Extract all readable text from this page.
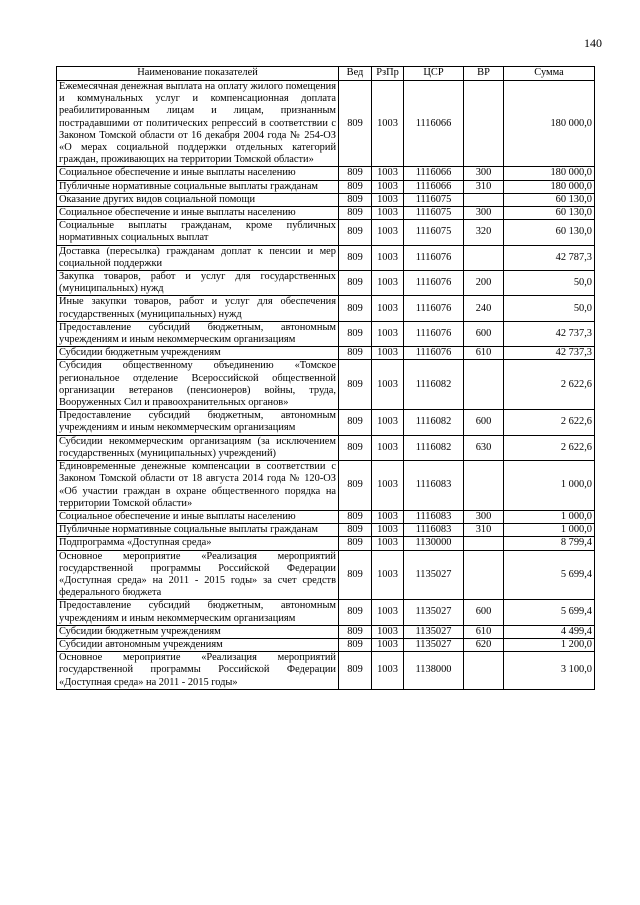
140
Наименование показателей	Вед	РзПр	ЦСР	ВР	Сумма
Ежемесячная денежная выплата на оплату жилого помещения и коммунальных услуг и компенсационная доплата реабилитированным лицам и лицам, признанным пострадавшими от политических репрессий в соответствии с Законом Томской области от 16 декабря 2004 года № 254-ОЗ «О мерах социальной поддержки отдельных категорий граждан, проживающих на территории Томской области»	809	1003	1116066		180 000,0
Социальное обеспечение и иные выплаты населению	809	1003	1116066	300	180 000,0
Публичные нормативные социальные выплаты гражданам	809	1003	1116066	310	180 000,0
Оказание других видов социальной помощи	809	1003	1116075		60 130,0
Социальное обеспечение и иные выплаты населению	809	1003	1116075	300	60 130,0
Социальные выплаты гражданам, кроме публичных нормативных социальных выплат	809	1003	1116075	320	60 130,0
Доставка (пересылка) гражданам доплат к пенсии и мер социальной поддержки	809	1003	1116076		42 787,3
Закупка товаров, работ и услуг для государственных (муниципальных) нужд	809	1003	1116076	200	50,0
Иные закупки товаров, работ и услуг для обеспечения государственных (муниципальных) нужд	809	1003	1116076	240	50,0
Предоставление субсидий бюджетным, автономным учреждениям и иным некоммерческим организациям	809	1003	1116076	600	42 737,3
Субсидии бюджетным учреждениям	809	1003	1116076	610	42 737,3
Субсидия общественному объединению «Томское региональное отделение Всероссийской общественной организации ветеранов (пенсионеров) войны, труда, Вооруженных Сил и правоохранительных органов»	809	1003	1116082		2 622,6
Предоставление субсидий бюджетным, автономным учреждениям и иным некоммерческим организациям	809	1003	1116082	600	2 622,6
Субсидии некоммерческим организациям (за исключением государственных (муниципальных) учреждений)	809	1003	1116082	630	2 622,6
Единовременные денежные компенсации в соответствии с Законом Томской области от 18 августа 2014 года № 120-ОЗ «Об участии граждан в охране общественного порядка на территории Томской области»	809	1003	1116083		1 000,0
Социальное обеспечение и иные выплаты населению	809	1003	1116083	300	1 000,0
Публичные нормативные социальные выплаты гражданам	809	1003	1116083	310	1 000,0
Подпрограмма «Доступная среда»	809	1003	1130000		8 799,4
Основное мероприятие «Реализация мероприятий государственной программы Российской Федерации «Доступная среда» на 2011 - 2015 годы» за счет средств федерального бюджета	809	1003	1135027		5 699,4
Предоставление субсидий бюджетным, автономным учреждениям и иным некоммерческим организациям	809	1003	1135027	600	5 699,4
Субсидии бюджетным учреждениям	809	1003	1135027	610	4 499,4
Субсидии автономным учреждениям	809	1003	1135027	620	1 200,0
Основное мероприятие «Реализация мероприятий государственной программы Российской Федерации «Доступная среда» на 2011 - 2015 годы»	809	1003	1138000		3 100,0
